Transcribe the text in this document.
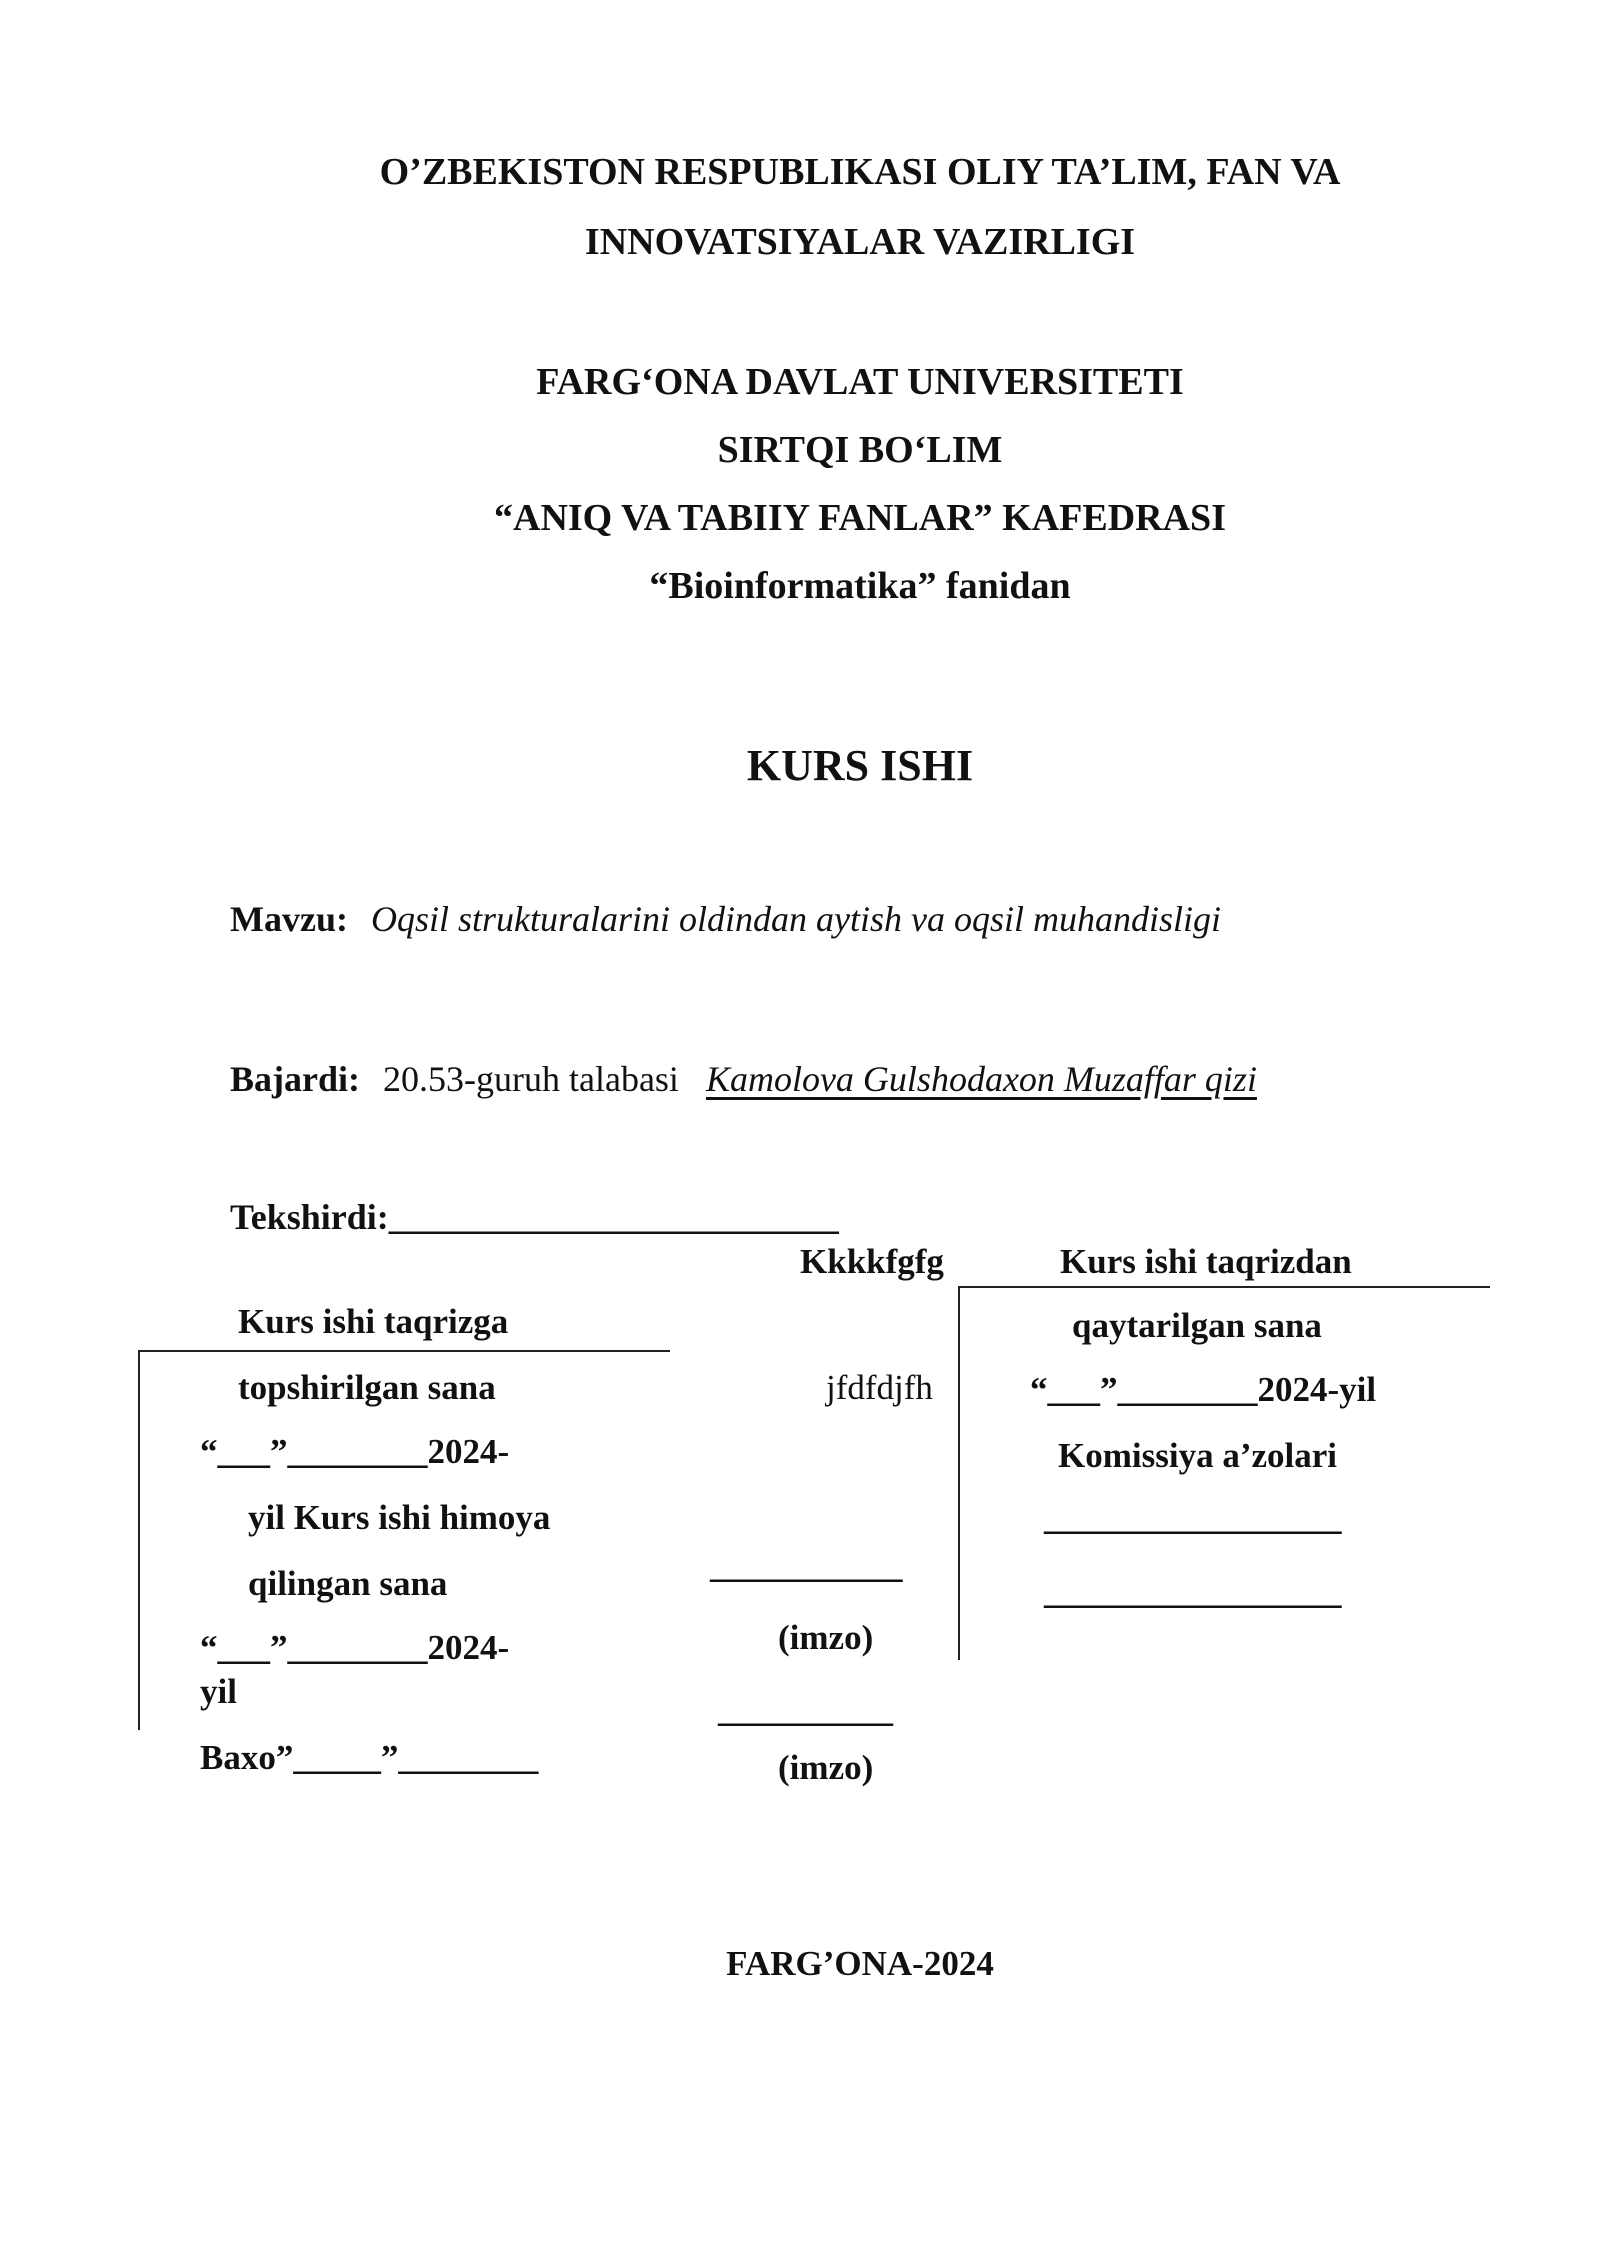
O’ZBEKISTON RESPUBLIKASI OLIY TA’LIM, FAN VA
INNOVATSIYALAR VAZIRLIGI
FARG‘ONA DAVLAT UNIVERSITETI
SIRTQI BO‘LIM
“ANIQ VA TABIIY FANLAR” KAFEDRASI
“Bioinformatika” fanidan
KURS ISHI
Mavzu: Oqsil strukturalarini oldindan aytish va oqsil muhandisligi
Bajardi: 20.53-guruh talabasi Kamolova Gulshodaxon Muzaffar qizi
Tekshirdi:_________________________
Kurs ishi taqrizga
topshirilgan sana
“___”________2024-
yil Kurs ishi himoya
qilingan sana
“___”________2024-
yil
Baxo”_____”________
Kkkkfgfg
jfdfdjfh
___________
(imzo)
__________
(imzo)
Kurs ishi taqrizdan
qaytarilgan sana
“___”________2024-yil
Komissiya a’zolari
_________________
_________________
FARG’ONA-2024
